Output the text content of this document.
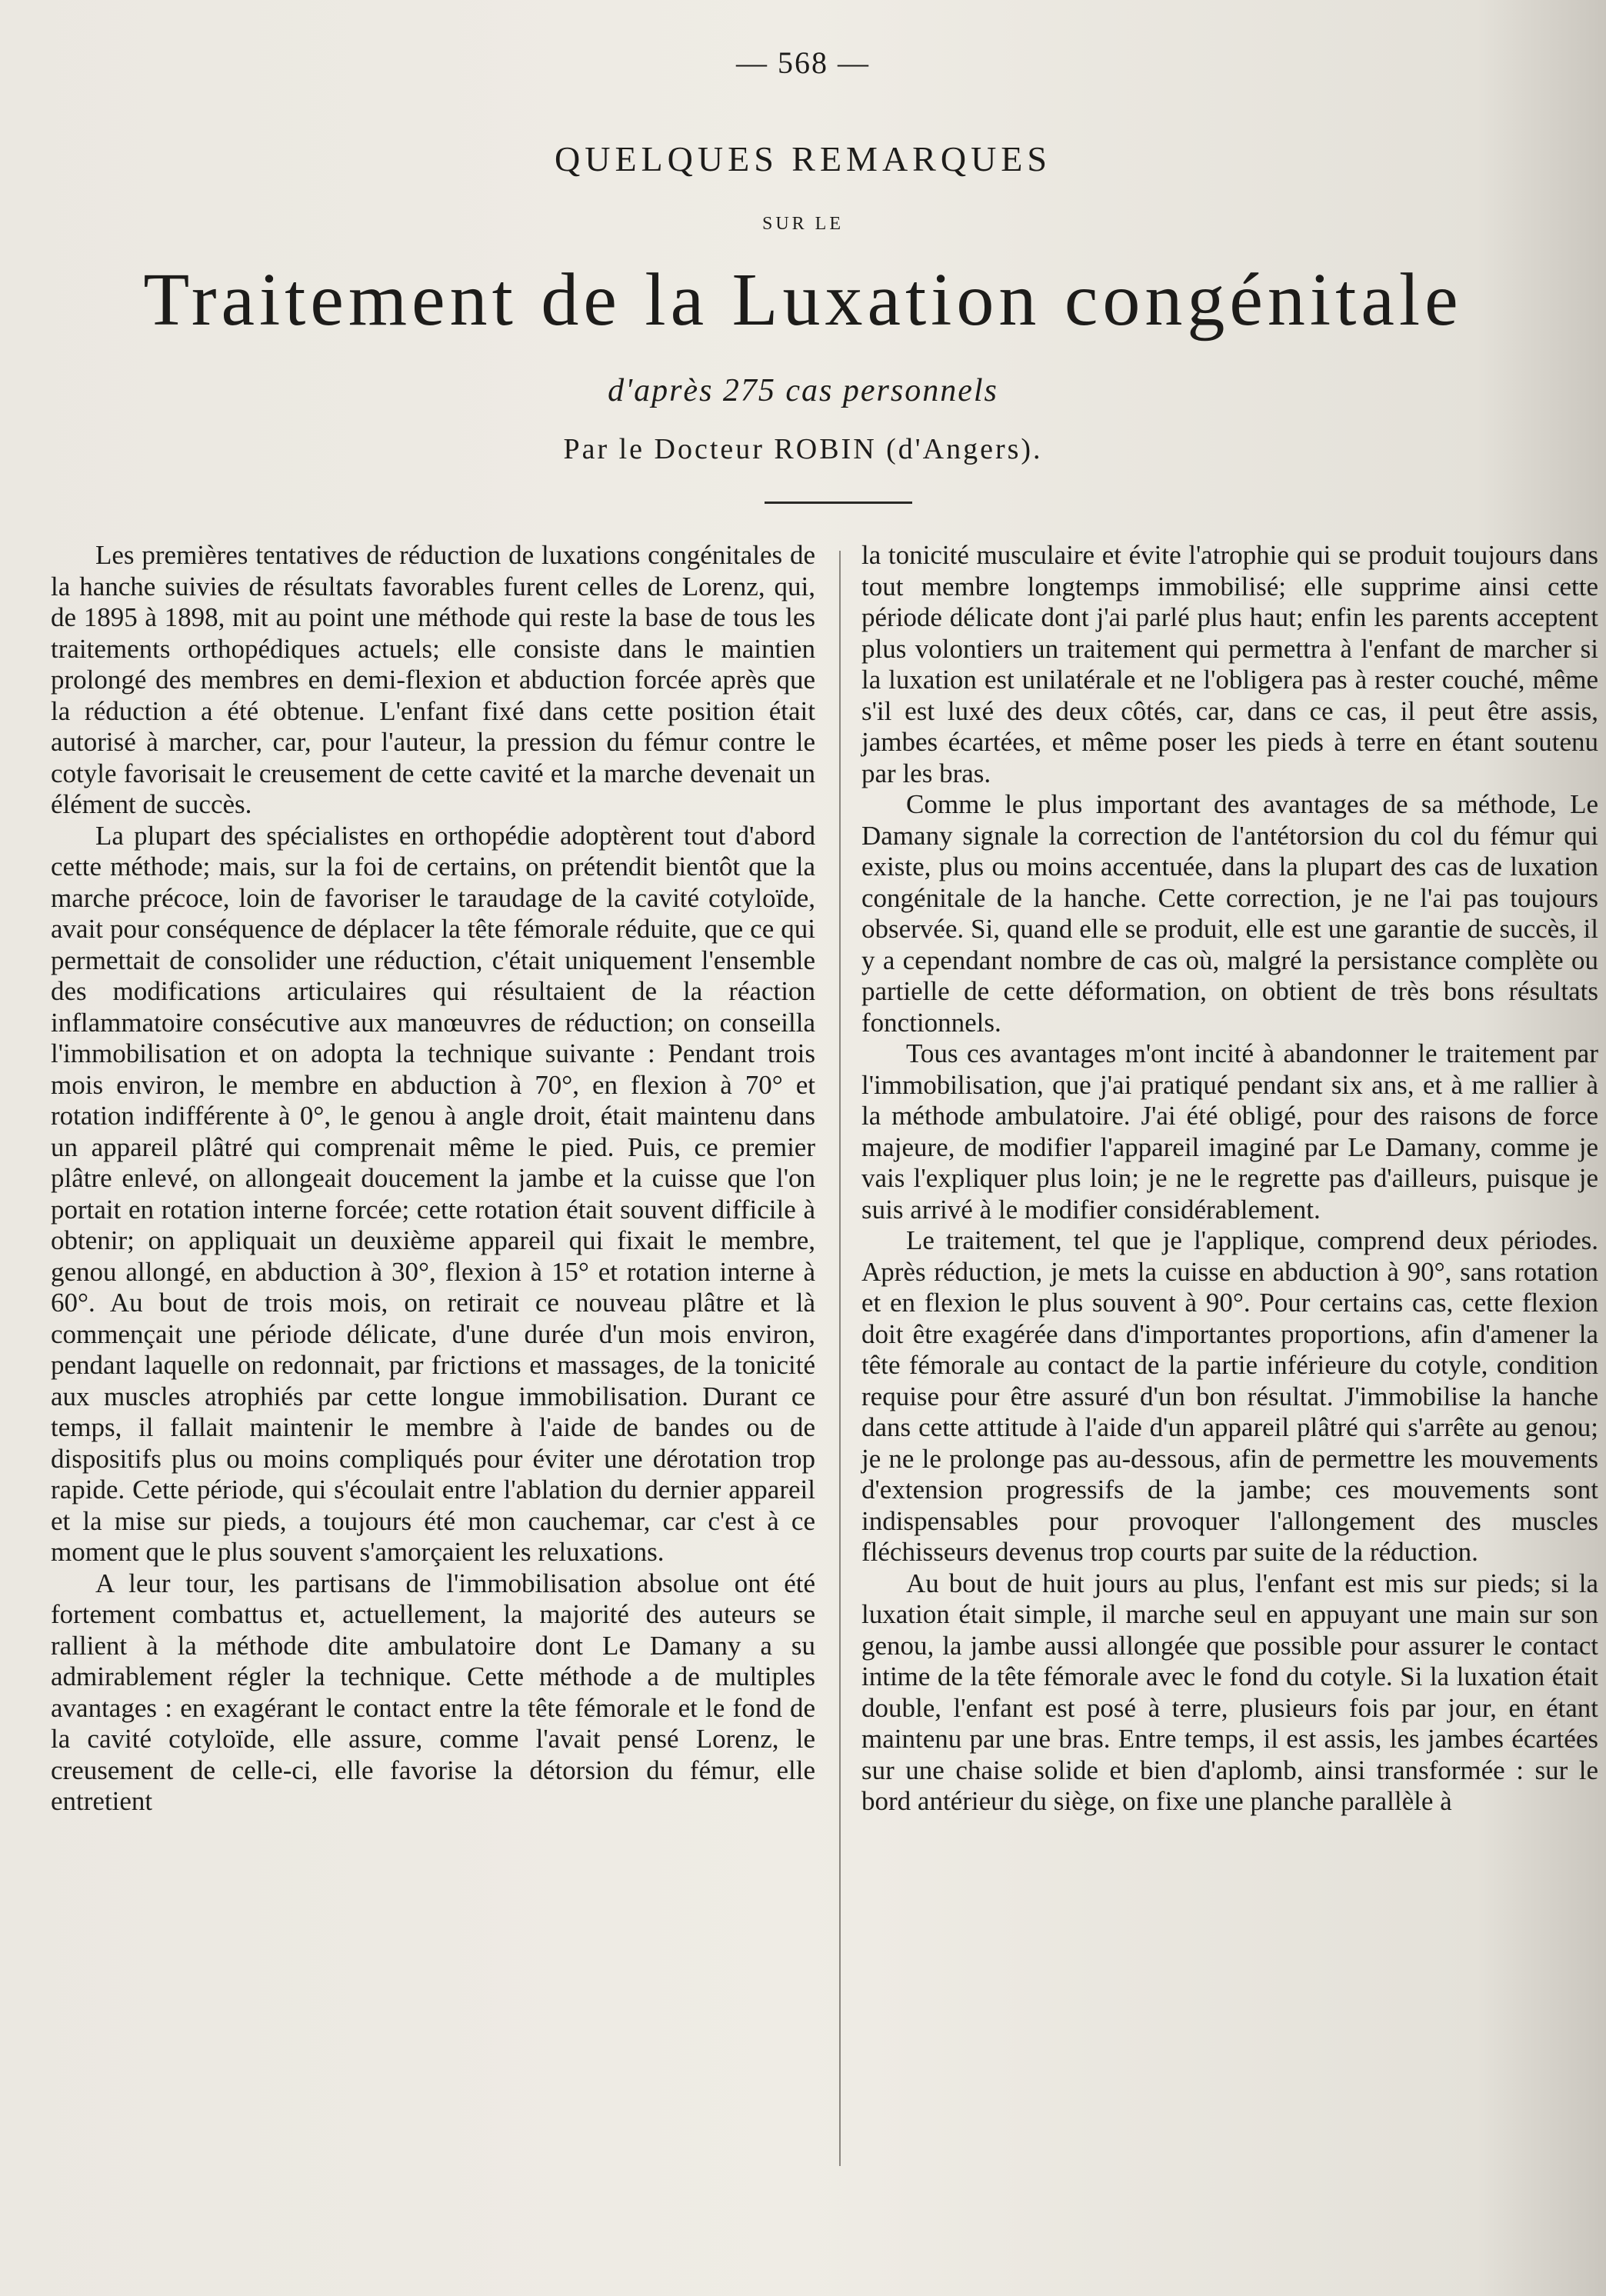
— 568 —
QUELQUES REMARQUES
SUR LE
Traitement de la Luxation congénitale
d'après 275 cas personnels
Par le Docteur ROBIN (d'Angers).

Les premières tentatives de réduction de luxations congénitales de la hanche suivies de résultats favorables furent celles de Lorenz, qui, de 1895 à 1898, mit au point une méthode qui reste la base de tous les traitements orthopédiques actuels; elle consiste dans le maintien prolongé des membres en demi-flexion et abduction forcée après que la réduction a été obtenue. L'enfant fixé dans cette position était autorisé à marcher, car, pour l'auteur, la pression du fémur contre le cotyle favorisait le creusement de cette cavité et la marche devenait un élément de succès.

La plupart des spécialistes en orthopédie adoptèrent tout d'abord cette méthode; mais, sur la foi de certains, on prétendit bientôt que la marche précoce, loin de favoriser le taraudage de la cavité cotyloïde, avait pour conséquence de déplacer la tête fémorale réduite, que ce qui permettait de consolider une réduction, c'était uniquement l'ensemble des modifications articulaires qui résultaient de la réaction inflammatoire consécutive aux manœuvres de réduction; on conseilla l'immobilisation et on adopta la technique suivante : Pendant trois mois environ, le membre en abduction à 70°, en flexion à 70° et rotation indifférente à 0°, le genou à angle droit, était maintenu dans un appareil plâtré qui comprenait même le pied. Puis, ce premier plâtre enlevé, on allongeait doucement la jambe et la cuisse que l'on portait en rotation interne forcée; cette rotation était souvent difficile à obtenir; on appliquait un deuxième appareil qui fixait le membre, genou allongé, en abduction à 30°, flexion à 15° et rotation interne à 60°. Au bout de trois mois, on retirait ce nouveau plâtre et là commençait une période délicate, d'une durée d'un mois environ, pendant laquelle on redonnait, par frictions et massages, de la tonicité aux muscles atrophiés par cette longue immobilisation. Durant ce temps, il fallait maintenir le membre à l'aide de bandes ou de dispositifs plus ou moins compliqués pour éviter une dérotation trop rapide. Cette période, qui s'écoulait entre l'ablation du dernier appareil et la mise sur pieds, a toujours été mon cauchemar, car c'est à ce moment que le plus souvent s'amorçaient les reluxations.

A leur tour, les partisans de l'immobilisation absolue ont été fortement combattus et, actuellement, la majorité des auteurs se rallient à la méthode dite ambulatoire dont Le Damany a su admirablement régler la technique. Cette méthode a de multiples avantages : en exagérant le contact entre la tête fémorale et le fond de la cavité cotyloïde, elle assure, comme l'avait pensé Lorenz, le creusement de celle-ci, elle favorise la détorsion du fémur, elle entretient

la tonicité musculaire et évite l'atrophie qui se produit toujours dans tout membre longtemps immobilisé; elle supprime ainsi cette période délicate dont j'ai parlé plus haut; enfin les parents acceptent plus volontiers un traitement qui permettra à l'enfant de marcher si la luxation est unilatérale et ne l'obligera pas à rester couché, même s'il est luxé des deux côtés, car, dans ce cas, il peut être assis, jambes écartées, et même poser les pieds à terre en étant soutenu par les bras.

Comme le plus important des avantages de sa méthode, Le Damany signale la correction de l'antétorsion du col du fémur qui existe, plus ou moins accentuée, dans la plupart des cas de luxation congénitale de la hanche. Cette correction, je ne l'ai pas toujours observée. Si, quand elle se produit, elle est une garantie de succès, il y a cependant nombre de cas où, malgré la persistance complète ou partielle de cette déformation, on obtient de très bons résultats fonctionnels.

Tous ces avantages m'ont incité à abandonner le traitement par l'immobilisation, que j'ai pratiqué pendant six ans, et à me rallier à la méthode ambulatoire. J'ai été obligé, pour des raisons de force majeure, de modifier l'appareil imaginé par Le Damany, comme je vais l'expliquer plus loin; je ne le regrette pas d'ailleurs, puisque je suis arrivé à le modifier considérablement.

Le traitement, tel que je l'applique, comprend deux périodes. Après réduction, je mets la cuisse en abduction à 90°, sans rotation et en flexion le plus souvent à 90°. Pour certains cas, cette flexion doit être exagérée dans d'importantes proportions, afin d'amener la tête fémorale au contact de la partie inférieure du cotyle, condition requise pour être assuré d'un bon résultat. J'immobilise la hanche dans cette attitude à l'aide d'un appareil plâtré qui s'arrête au genou; je ne le prolonge pas au-dessous, afin de permettre les mouvements d'extension progressifs de la jambe; ces mouvements sont indispensables pour provoquer l'allongement des muscles fléchisseurs devenus trop courts par suite de la réduction.

Au bout de huit jours au plus, l'enfant est mis sur pieds; si la luxation était simple, il marche seul en appuyant une main sur son genou, la jambe aussi allongée que possible pour assurer le contact intime de la tête fémorale avec le fond du cotyle. Si la luxation était double, l'enfant est posé à terre, plusieurs fois par jour, en étant maintenu par une bras. Entre temps, il est assis, les jambes écartées sur une chaise solide et bien d'aplomb, ainsi transformée : sur le bord antérieur du siège, on fixe une planche parallèle à
